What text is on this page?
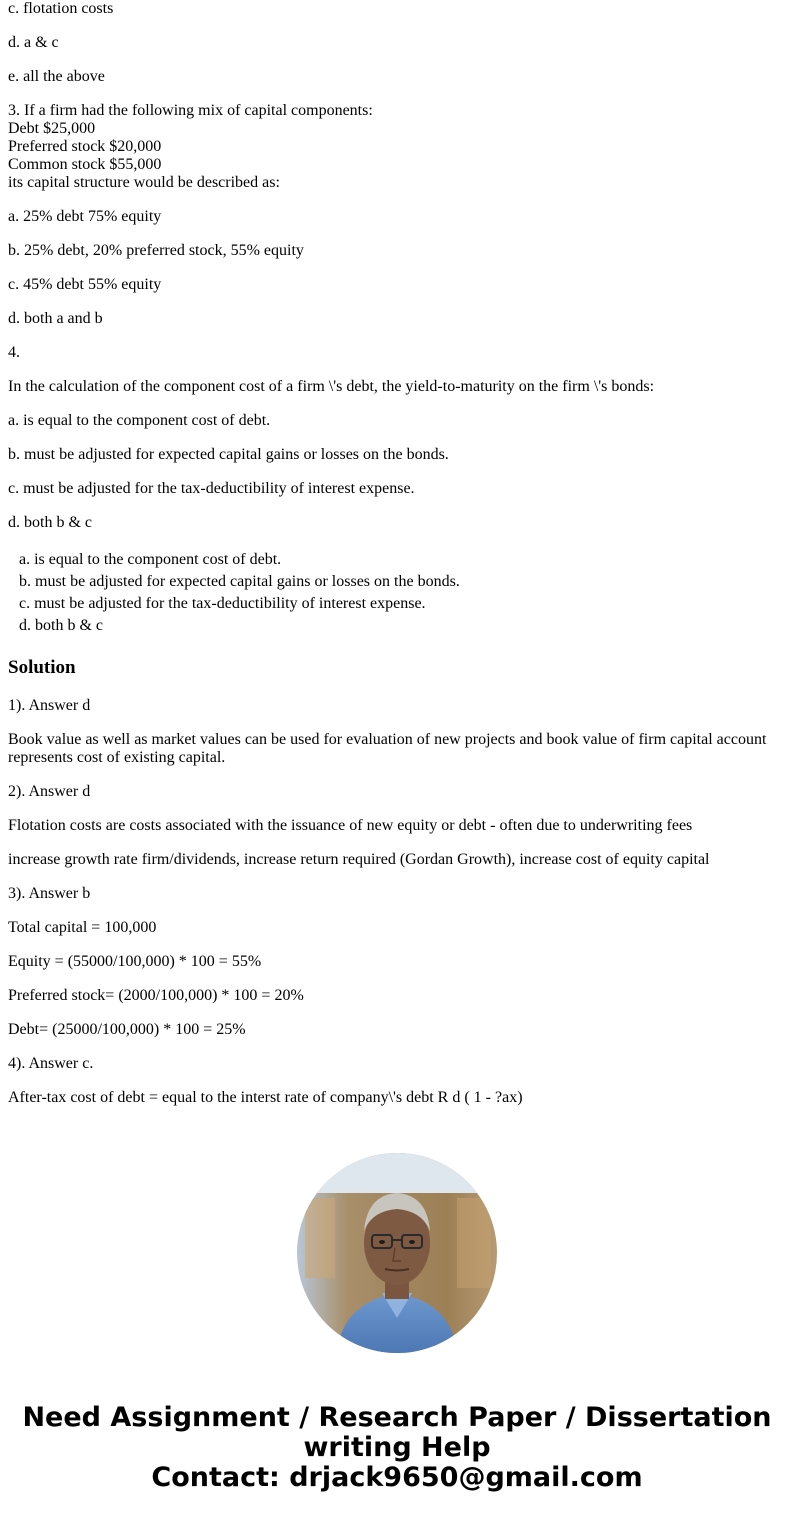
c. flotation costs
d. a & c
e. all the above
3. If a firm had the following mix of capital components:
Debt $25,000
Preferred stock $20,000
Common stock $55,000
its capital structure would be described as:
a. 25% debt 75% equity
b. 25% debt, 20% preferred stock, 55% equity
c. 45% debt 55% equity
d. both a and b
4.
In the calculation of the component cost of a firm \'s debt, the yield-to-maturity on the firm \'s bonds:
a. is equal to the component cost of debt.
b. must be adjusted for expected capital gains or losses on the bonds.
c. must be adjusted for the tax-deductibility of interest expense.
d. both b & c
a. is equal to the component cost of debt.
b. must be adjusted for expected capital gains or losses on the bonds.
c. must be adjusted for the tax-deductibility of interest expense.
d. both b & c
Solution
1). Answer d
Book value as well as market values can be used for evaluation of new projects and book value of firm capital account represents cost of existing capital.
2). Answer d
Flotation costs are costs associated with the issuance of new equity or debt - often due to underwriting fees
increase growth rate firm/dividends, increase return required (Gordan Growth), increase cost of equity capital
3). Answer b
Total capital = 100,000
Equity = (55000/100,000) * 100 = 55%
Preferred stock= (2000/100,000) * 100 = 20%
Debt= (25000/100,000) * 100 = 25%
4). Answer c.
After-tax cost of debt = equal to the interst rate of company\'s debt R d ( 1 - ?ax)
Need Assignment / Research Paper / Dissertation
writing Help
Contact: drjack9650@gmail.com
